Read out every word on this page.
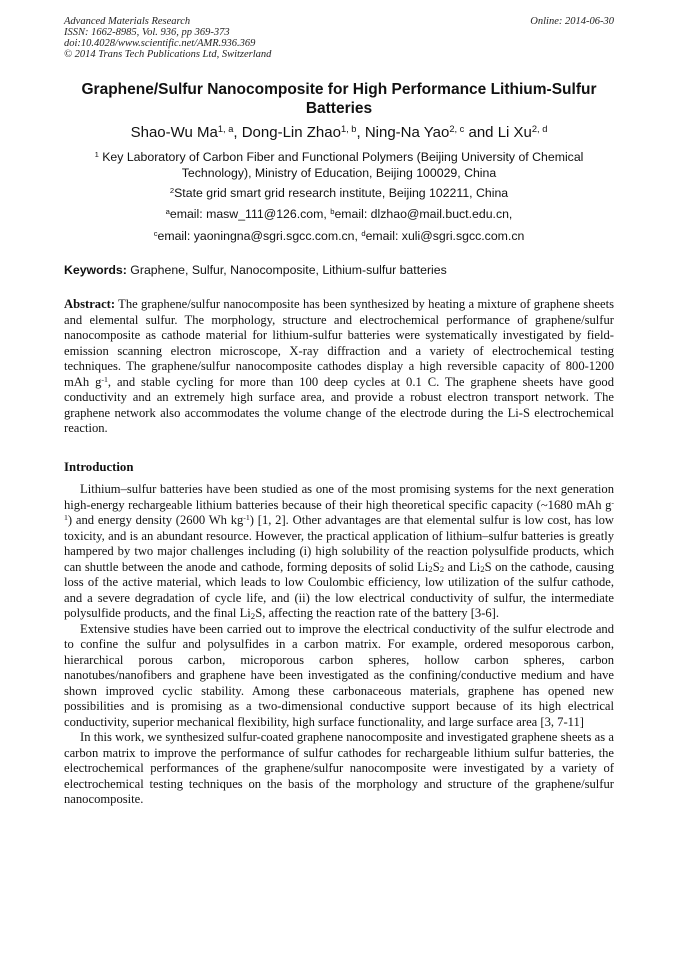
Advanced Materials Research
ISSN: 1662-8985, Vol. 936, pp 369-373
doi:10.4028/www.scientific.net/AMR.936.369
© 2014 Trans Tech Publications Ltd, Switzerland
Online: 2014-06-30
Graphene/Sulfur Nanocomposite for High Performance Lithium-Sulfur Batteries
Shao-Wu Ma$^{1, a}$, Dong-Lin Zhao$^{1, b}$, Ning-Na Yao$^{2, c}$ and Li Xu$^{2, d}$
$^1$ Key Laboratory of Carbon Fiber and Functional Polymers (Beijing University of Chemical Technology), Ministry of Education, Beijing 100029, China
$^2$State grid smart grid research institute, Beijing 102211, China
$^a$email: masw_111@126.com, $^b$email: dlzhao@mail.buct.edu.cn,
$^c$email: yaoningna@sgri.sgcc.com.cn, $^d$email: xuli@sgri.sgcc.com.cn
Keywords: Graphene, Sulfur, Nanocomposite, Lithium-sulfur batteries

Abstract: The graphene/sulfur nanocomposite has been synthesized by heating a mixture of graphene sheets and elemental sulfur. The morphology, structure and electrochemical performance of graphene/sulfur nanocomposite as cathode material for lithium-sulfur batteries were systematically investigated by field-emission scanning electron microscope, X-ray diffraction and a variety of electrochemical testing techniques. The graphene/sulfur nanocomposite cathodes display a high reversible capacity of 800-1200 mAh $g^{-1}$, and stable cycling for more than 100 deep cycles at 0.1 C. The graphene sheets have good conductivity and an extremely high surface area, and provide a robust electron transport network. The graphene network also accommodates the volume change of the electrode during the Li-S electrochemical reaction.

Introduction

Lithium–sulfur batteries have been studied as one of the most promising systems for the next generation high-energy rechargeable lithium batteries because of their high theoretical specific capacity (~1680 mAh $g^{-1}$) and energy density (2600 Wh $kg^{-1}$) [1, 2]. Other advantages are that elemental sulfur is low cost, has low toxicity, and is an abundant resource. However, the practical application of lithium–sulfur batteries is greatly hampered by two major challenges including (i) high solubility of the reaction polysulfide products, which can shuttle between the anode and cathode, forming deposits of solid $Li_2S_2$ and $Li_2S$ on the cathode, causing loss of the active material, which leads to low Coulombic efficiency, low utilization of the sulfur cathode, and a severe degradation of cycle life, and (ii) the low electrical conductivity of sulfur, the intermediate polysulfide products, and the final $Li_2S$, affecting the reaction rate of the battery [3-6].

Extensive studies have been carried out to improve the electrical conductivity of the sulfur electrode and to confine the sulfur and polysulfides in a carbon matrix. For example, ordered mesoporous carbon, hierarchical porous carbon, microporous carbon spheres, hollow carbon spheres, carbon nanotubes/nanofibers and graphene have been investigated as the confining/conductive medium and have shown improved cyclic stability. Among these carbonaceous materials, graphene has opened new possibilities and is promising as a two-dimensional conductive support because of its high electrical conductivity, superior mechanical flexibility, high surface functionality, and large surface area [3, 7-11]

In this work, we synthesized sulfur-coated graphene nanocomposite and investigated graphene sheets as a carbon matrix to improve the performance of sulfur cathodes for rechargeable lithium sulfur batteries, the electrochemical performances of the graphene/sulfur nanocomposite were investigated by a variety of electrochemical testing techniques on the basis of the morphology and structure of the graphene/sulfur nanocomposite.
